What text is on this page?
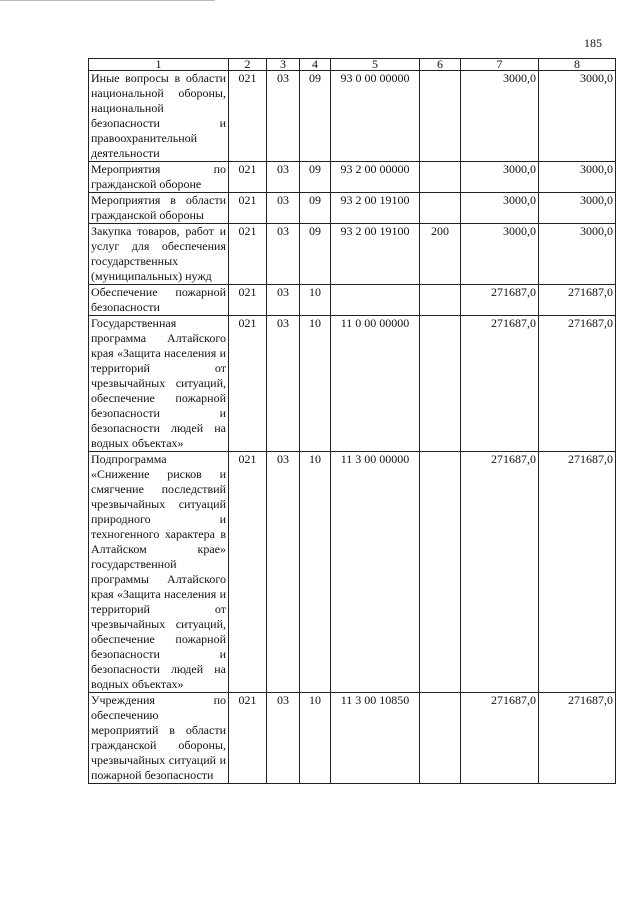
185
1	2	3	4	5	6	7	8
Иные вопросы в области национальной обороны, национальной безопасности и правоохранительной деятельности	021	03	09	93 0 00 00000		3000,0	3000,0
Мероприятия по гражданской обороне	021	03	09	93 2 00 00000		3000,0	3000,0
Мероприятия в области гражданской обороны	021	03	09	93 2 00 19100		3000,0	3000,0
Закупка товаров, работ и услуг для обеспечения государственных (муниципальных) нужд	021	03	09	93 2 00 19100	200	3000,0	3000,0
Обеспечение пожарной безопасности	021	03	10			271687,0	271687,0
Государственная программа Алтайского края «Защита населения и территорий от чрезвычайных ситуаций, обеспечение пожарной безопасности и безопасности людей на водных объектах»	021	03	10	11 0 00 00000		271687,0	271687,0
Подпрограмма «Снижение рисков и смягчение последствий чрезвычайных ситуаций природного и техногенного характера в Алтайском крае» государственной программы Алтайского края «Защита населения и территорий от чрезвычайных ситуаций, обеспечение пожарной безопасности и безопасности людей на водных объектах»	021	03	10	11 3 00 00000		271687,0	271687,0
Учреждения по обеспечению мероприятий в области гражданской обороны, чрезвычайных ситуаций и пожарной безопасности	021	03	10	11 3 00 10850		271687,0	271687,0
